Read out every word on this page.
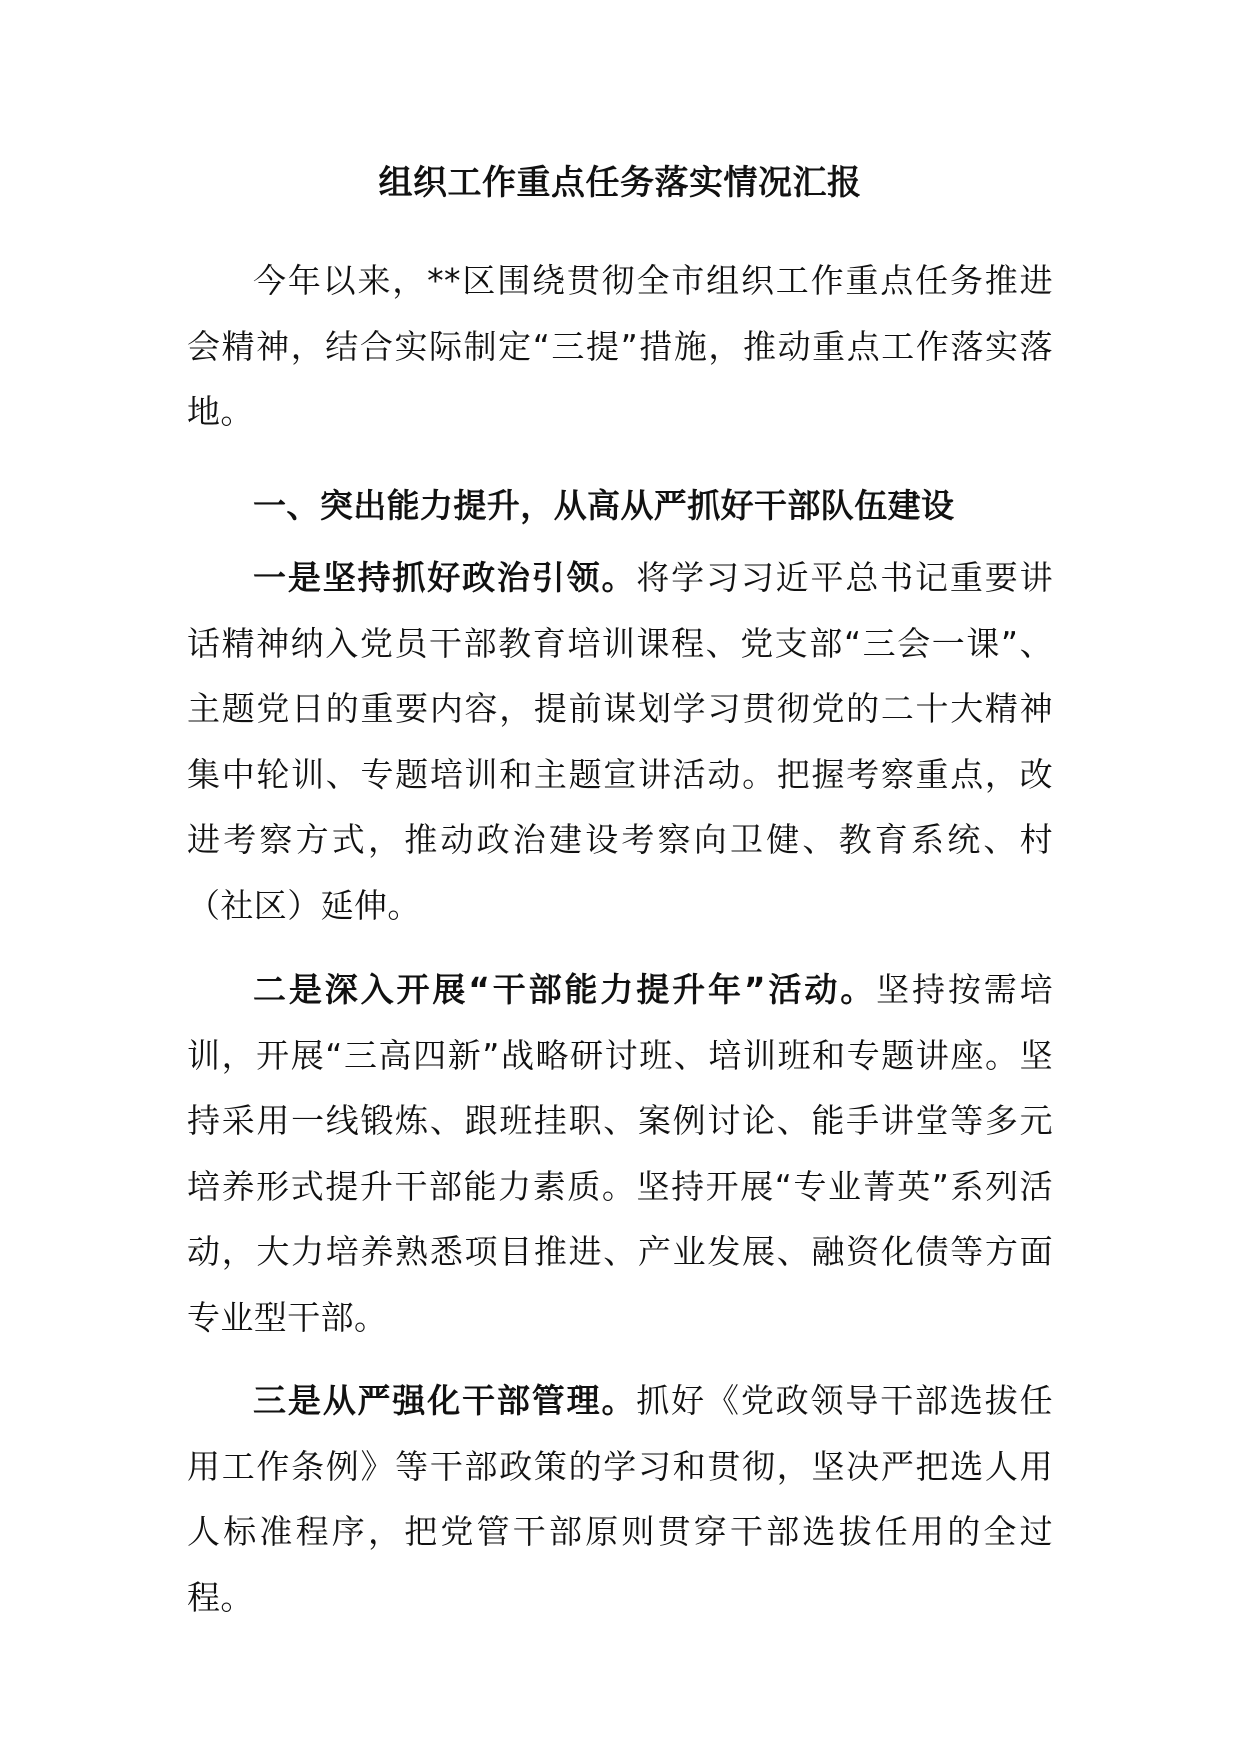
组织工作重点任务落实情况汇报

今年以来，**区围绕贯彻全市组织工作重点任务推进会精神，结合实际制定“三提”措施，推动重点工作落实落地。

一、突出能力提升，从高从严抓好干部队伍建设

一是坚持抓好政治引领。将学习习近平总书记重要讲话精神纳入党员干部教育培训课程、党支部“三会一课”、主题党日的重要内容，提前谋划学习贯彻党的二十大精神集中轮训、专题培训和主题宣讲活动。把握考察重点，改进考察方式，推动政治建设考察向卫健、教育系统、村（社区）延伸。

二是深入开展“干部能力提升年”活动。坚持按需培训，开展“三高四新”战略研讨班、培训班和专题讲座。坚持采用一线锻炼、跟班挂职、案例讨论、能手讲堂等多元培养形式提升干部能力素质。坚持开展“专业菁英”系列活动，大力培养熟悉项目推进、产业发展、融资化债等方面专业型干部。

三是从严强化干部管理。抓好《党政领导干部选拔任用工作条例》等干部政策的学习和贯彻，坚决严把选人用人标准程序，把党管干部原则贯穿干部选拔任用的全过程。
